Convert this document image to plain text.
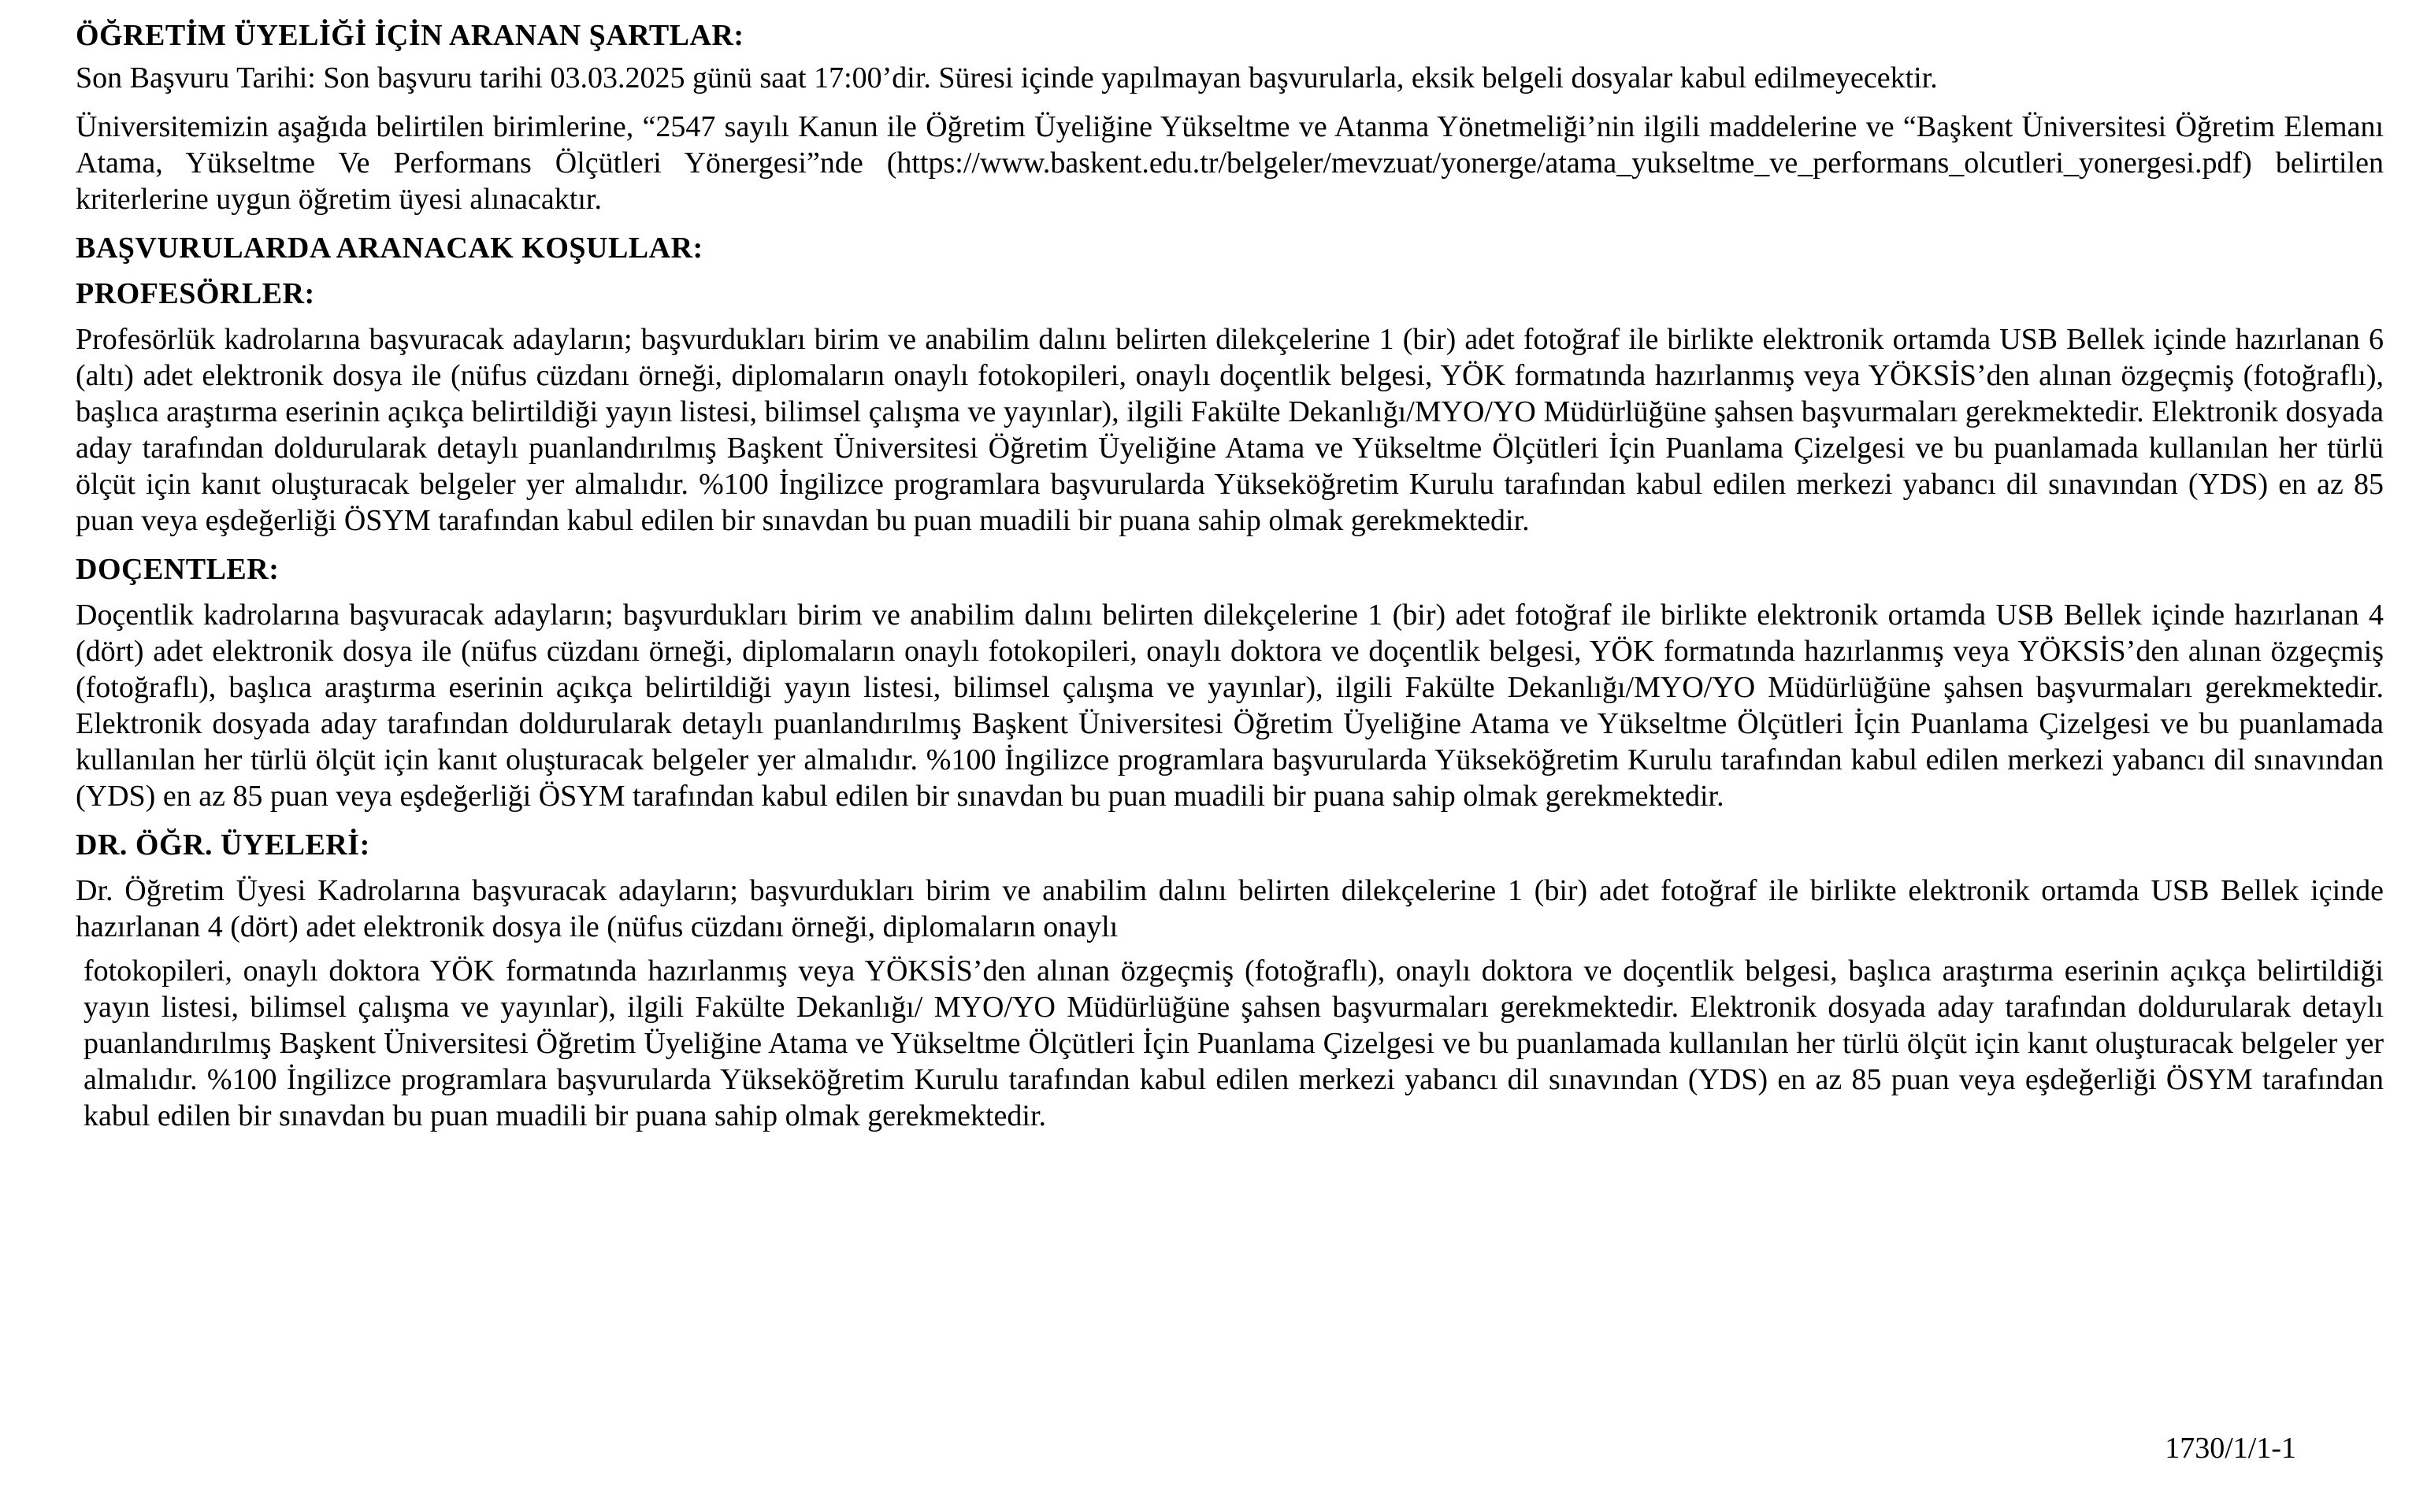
ÖĞRETİM ÜYELİĞİ İÇİN ARANAN ŞARTLAR:
Son Başvuru Tarihi: Son başvuru tarihi 03.03.2025 günü saat 17:00’dir. Süresi içinde yapılmayan başvurularla, eksik belgeli dosyalar kabul edilmeyecektir.
Üniversitemizin aşağıda belirtilen birimlerine, “2547 sayılı Kanun ile Öğretim Üyeliğine Yükseltme ve Atanma Yönetmeliği’nin ilgili maddelerine ve “Başkent Üniversitesi Öğretim Elemanı Atama, Yükseltme Ve Performans Ölçütleri Yönergesi”nde (https://www.baskent.edu.tr/belgeler/mevzuat/yonerge/atama_yukseltme_ve_performans_olcutleri_yonergesi.pdf) belirtilen kriterlerine uygun öğretim üyesi alınacaktır.
BAŞVURULARDA ARANACAK KOŞULLAR:
PROFESÖRLER:
Profesörlük kadrolarına başvuracak adayların; başvurdukları birim ve anabilim dalını belirten dilekçelerine 1 (bir) adet fotoğraf ile birlikte elektronik ortamda USB Bellek içinde hazırlanan 6 (altı) adet elektronik dosya ile (nüfus cüzdanı örneği, diplomaların onaylı fotokopileri, onaylı doçentlik belgesi, YÖK formatında hazırlanmış veya YÖKSİS’den alınan özgeçmiş (fotoğraflı), başlıca araştırma eserinin açıkça belirtildiği yayın listesi, bilimsel çalışma ve yayınlar), ilgili Fakülte Dekanlığı/MYO/YO Müdürlüğüne şahsen başvurmaları gerekmektedir. Elektronik dosyada aday tarafından doldurularak detaylı puanlandırılmış Başkent Üniversitesi Öğretim Üyeliğine Atama ve Yükseltme Ölçütleri İçin Puanlama Çizelgesi ve bu puanlamada kullanılan her türlü ölçüt için kanıt oluşturacak belgeler yer almalıdır. %100 İngilizce programlara başvurularda Yükseköğretim Kurulu tarafından kabul edilen merkezi yabancı dil sınavından (YDS) en az 85 puan veya eşdeğerliği ÖSYM tarafından kabul edilen bir sınavdan bu puan muadili bir puana sahip olmak gerekmektedir.
DOÇENTLER:
Doçentlik kadrolarına başvuracak adayların; başvurdukları birim ve anabilim dalını belirten dilekçelerine 1 (bir) adet fotoğraf ile birlikte elektronik ortamda USB Bellek içinde hazırlanan 4 (dört) adet elektronik dosya ile (nüfus cüzdanı örneği, diplomaların onaylı fotokopileri, onaylı doktora ve doçentlik belgesi, YÖK formatında hazırlanmış veya YÖKSİS’den alınan özgeçmiş (fotoğraflı), başlıca araştırma eserinin açıkça belirtildiği yayın listesi, bilimsel çalışma ve yayınlar), ilgili Fakülte Dekanlığı/MYO/YO Müdürlüğüne şahsen başvurmaları gerekmektedir. Elektronik dosyada aday tarafından doldurularak detaylı puanlandırılmış Başkent Üniversitesi Öğretim Üyeliğine Atama ve Yükseltme Ölçütleri İçin Puanlama Çizelgesi ve bu puanlamada kullanılan her türlü ölçüt için kanıt oluşturacak belgeler yer almalıdır. %100 İngilizce programlara başvurularda Yükseköğretim Kurulu tarafından kabul edilen merkezi yabancı dil sınavından (YDS) en az 85 puan veya eşdeğerliği ÖSYM tarafından kabul edilen bir sınavdan bu puan muadili bir puana sahip olmak gerekmektedir.
DR. ÖĞR. ÜYELERİ:
Dr. Öğretim Üyesi Kadrolarına başvuracak adayların; başvurdukları birim ve anabilim dalını belirten dilekçelerine 1 (bir) adet fotoğraf ile birlikte elektronik ortamda USB Bellek içinde hazırlanan 4 (dört) adet elektronik dosya ile (nüfus cüzdanı örneği, diplomaların onaylı
fotokopileri, onaylı doktora YÖK formatında hazırlanmış veya YÖKSİS’den alınan özgeçmiş (fotoğraflı), onaylı doktora ve doçentlik belgesi, başlıca araştırma eserinin açıkça belirtildiği yayın listesi, bilimsel çalışma ve yayınlar), ilgili Fakülte Dekanlığı/ MYO/YO Müdürlüğüne şahsen başvurmaları gerekmektedir. Elektronik dosyada aday tarafından doldurularak detaylı puanlandırılmış Başkent Üniversitesi Öğretim Üyeliğine Atama ve Yükseltme Ölçütleri İçin Puanlama Çizelgesi ve bu puanlamada kullanılan her türlü ölçüt için kanıt oluşturacak belgeler yer almalıdır. %100 İngilizce programlara başvurularda Yükseköğretim Kurulu tarafından kabul edilen merkezi yabancı dil sınavından (YDS) en az 85 puan veya eşdeğerliği ÖSYM tarafından kabul edilen bir sınavdan bu puan muadili bir puana sahip olmak gerekmektedir.
1730/1/1-1
